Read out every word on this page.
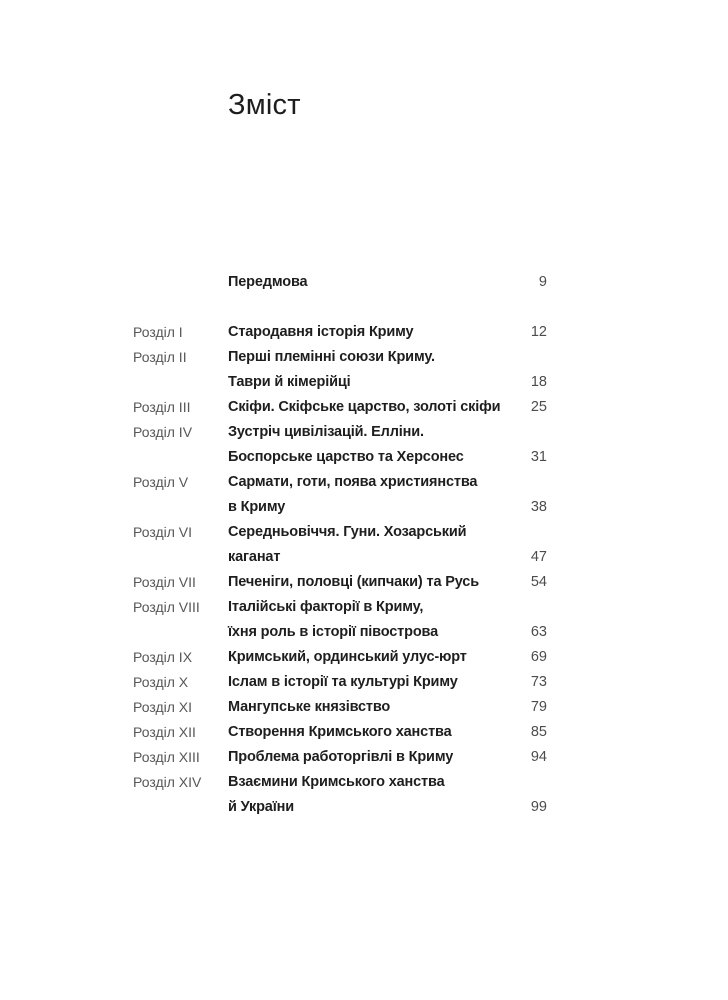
Зміст
Передмова	9
Розділ I	Стародавня історія Криму	12
Розділ II	Перші племінні союзи Криму.
Таври й кімерійці	18
Розділ III	Скіфи. Скіфське царство, золоті скіфи	25
Розділ IV	Зустріч цивілізацій. Елліни.
Боспорське царство та Херсонес	31
Розділ V	Сармати, готи, поява християнства
в Криму	38
Розділ VI	Середньовіччя. Гуни. Хозарський
каганат	47
Розділ VII	Печеніги, половці (кипчаки) та Русь	54
Розділ VIII	Італійські факторії в Криму,
їхня роль в історії півострова	63
Розділ IX	Кримський, ординський улус-юрт	69
Розділ X	Іслам в історії та культурі Криму	73
Розділ XI	Мангупське князівство	79
Розділ XII	Створення Кримського ханства	85
Розділ XIII	Проблема работоргівлі в Криму	94
Розділ XIV	Взаємини Кримського ханства
й України	99
